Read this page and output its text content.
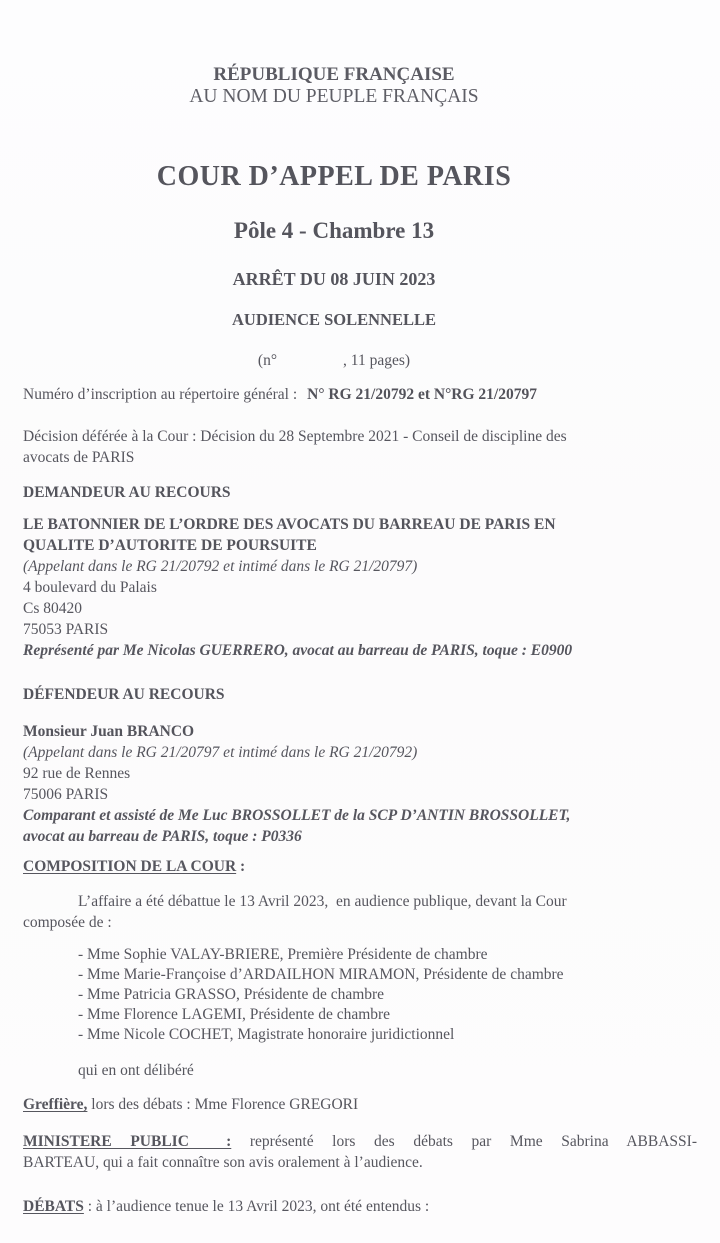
RÉPUBLIQUE FRANÇAISE
AU NOM DU PEUPLE FRANÇAIS
COUR D’APPEL DE PARIS
Pôle 4 - Chambre 13
ARRÊT DU 08 JUIN 2023
AUDIENCE SOLENNELLE
(n°	, 11 pages)
Numéro d’inscription au répertoire général : N° RG 21/20792 et N°RG 21/20797
Décision déférée à la Cour : Décision du 28 Septembre 2021 - Conseil de discipline des
avocats de PARIS
DEMANDEUR AU RECOURS
LE BATONNIER DE L’ORDRE DES AVOCATS DU BARREAU DE PARIS EN
QUALITE D’AUTORITE DE POURSUITE
(Appelant dans le RG 21/20792 et intimé dans le RG 21/20797)
4 boulevard du Palais
Cs 80420
75053 PARIS
Représenté par Me Nicolas GUERRERO, avocat au barreau de PARIS, toque : E0900
DÉFENDEUR AU RECOURS
Monsieur Juan BRANCO
(Appelant dans le RG 21/20797 et intimé dans le RG 21/20792)
92 rue de Rennes
75006 PARIS
Comparant et assisté de Me Luc BROSSOLLET de la SCP D’ANTIN BROSSOLLET,
avocat au barreau de PARIS, toque : P0336
COMPOSITION DE LA COUR :
L’affaire a été débattue le 13 Avril 2023,  en audience publique, devant la Cour
composée de :
- Mme Sophie VALAY-BRIERE, Première Présidente de chambre
- Mme Marie-Françoise d’ARDAILHON MIRAMON, Présidente de chambre
- Mme Patricia GRASSO, Présidente de chambre
- Mme Florence LAGEMI, Présidente de chambre
- Mme Nicole COCHET, Magistrate honoraire juridictionnel
qui en ont délibéré
Greffière, lors des débats : Mme Florence GREGORI
MINISTERE PUBLIC  : représenté lors des débats par Mme Sabrina ABBASSI-
BARTEAU, qui a fait connaître son avis oralement à l’audience.
DÉBATS : à l’audience tenue le 13 Avril 2023, ont été entendus :
